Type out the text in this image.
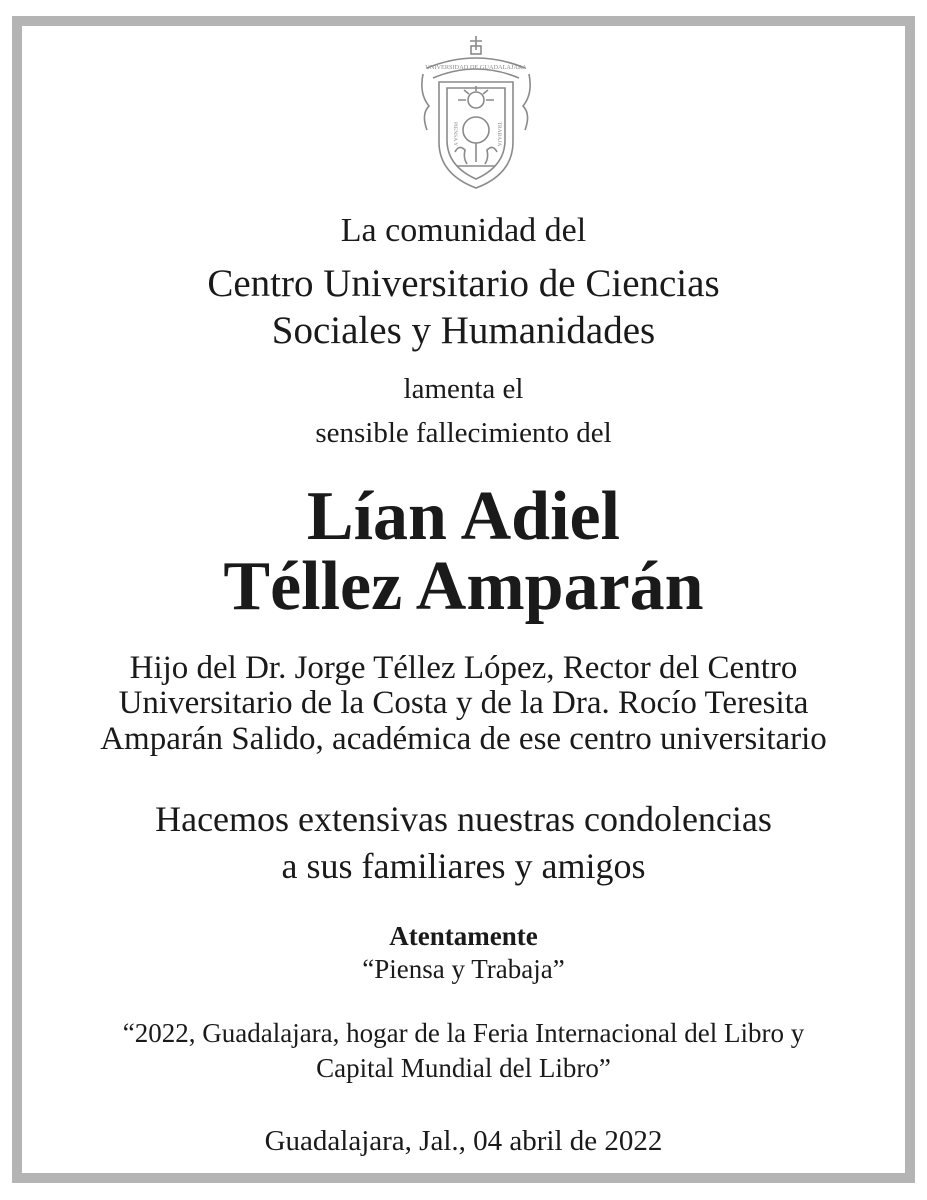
UNIVERSIDAD DE GUADALAJARA
PIENSA Y	TRABAJA
La comunidad del
Centro Universitario de Ciencias
Sociales y Humanidades
lamenta el
sensible fallecimiento del
Lían Adiel
Téllez Amparán
Hijo del Dr. Jorge Téllez López, Rector del Centro
Universitario de la Costa y de la Dra. Rocío Teresita
Amparán Salido, académica de ese centro universitario
Hacemos extensivas nuestras condolencias
a sus familiares y amigos
Atentamente
“Piensa y Trabaja”
“2022, Guadalajara, hogar de la Feria Internacional del Libro y
Capital Mundial del Libro”
Guadalajara, Jal., 04 abril de 2022
